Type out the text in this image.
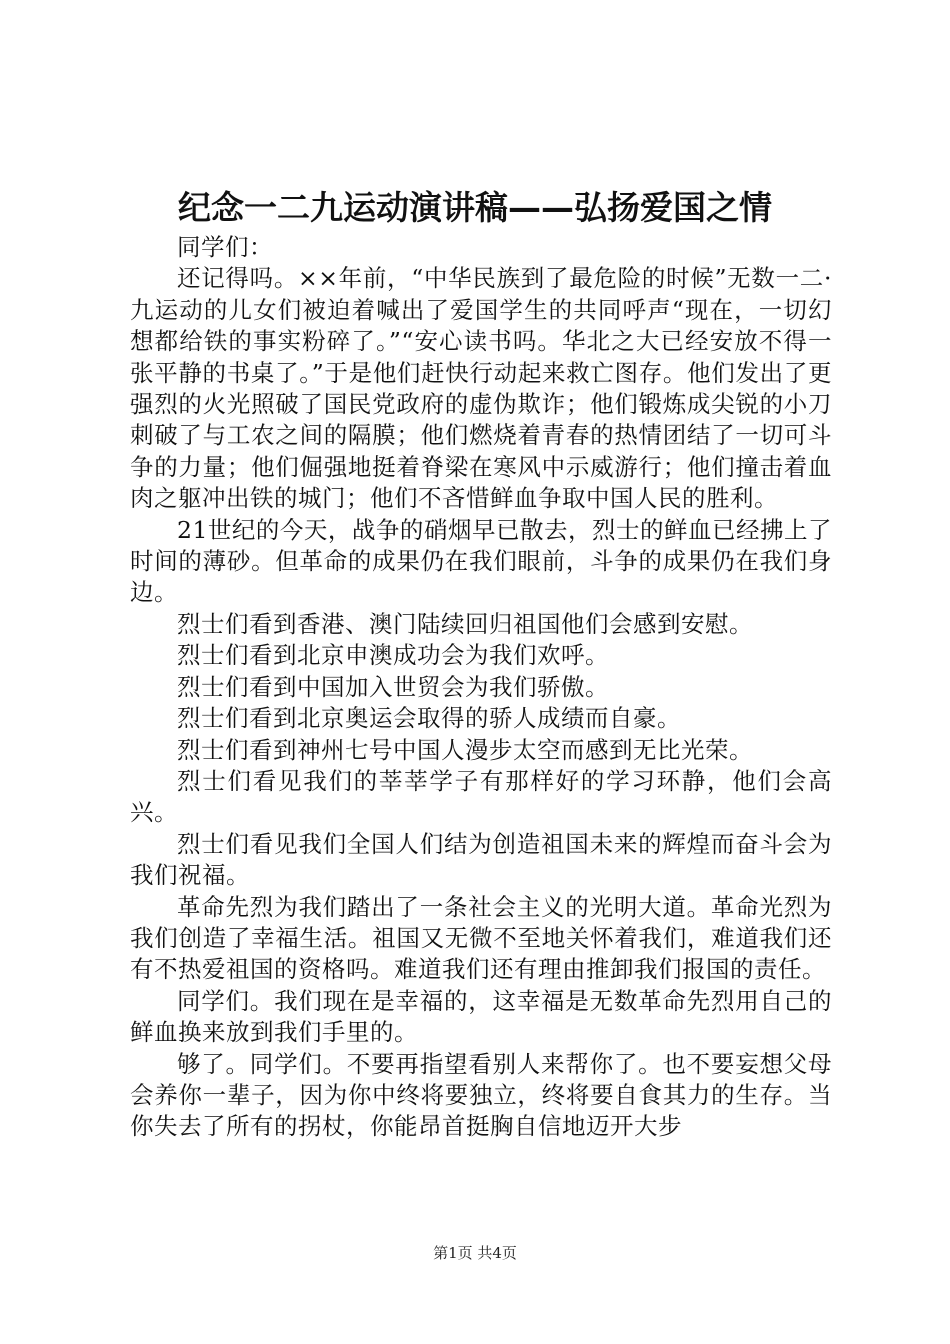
纪念一二九运动演讲稿——弘扬爱国之情

同学们：

还记得吗。××年前，“中华民族到了最危险的时候”无数一二·九运动的儿女们被迫着喊出了爱国学生的共同呼声“现在，一切幻想都给铁的事实粉碎了。”“安心读书吗。华北之大已经安放不得一张平静的书桌了。”于是他们赶快行动起来救亡图存。他们发出了更强烈的火光照破了国民党政府的虚伪欺诈；他们锻炼成尖锐的小刀刺破了与工农之间的隔膜；他们燃烧着青春的热情团结了一切可斗争的力量；他们倔强地挺着脊梁在寒风中示威游行；他们撞击着血肉之躯冲出铁的城门；他们不吝惜鲜血争取中国人民的胜利。

21世纪的今天，战争的硝烟早已散去，烈士的鲜血已经拂上了时间的薄砂。但革命的成果仍在我们眼前，斗争的成果仍在我们身边。

烈士们看到香港、澳门陆续回归祖国他们会感到安慰。

烈士们看到北京申澳成功会为我们欢呼。

烈士们看到中国加入世贸会为我们骄傲。

烈士们看到北京奥运会取得的骄人成绩而自豪。

烈士们看到神州七号中国人漫步太空而感到无比光荣。

烈士们看见我们的莘莘学子有那样好的学习环静，他们会高兴。

烈士们看见我们全国人们结为创造祖国未来的辉煌而奋斗会为我们祝福。

革命先烈为我们踏出了一条社会主义的光明大道。革命光烈为我们创造了幸福生活。祖国又无微不至地关怀着我们，难道我们还有不热爱祖国的资格吗。难道我们还有理由推卸我们报国的责任。

同学们。我们现在是幸福的，这幸福是无数革命先烈用自己的鲜血换来放到我们手里的。

够了。同学们。不要再指望看别人来帮你了。也不要妄想父母会养你一辈子，因为你中终将要独立，终将要自食其力的生存。当你失去了所有的拐杖，你能昂首挺胸自信地迈开大步

第1页 共4页
